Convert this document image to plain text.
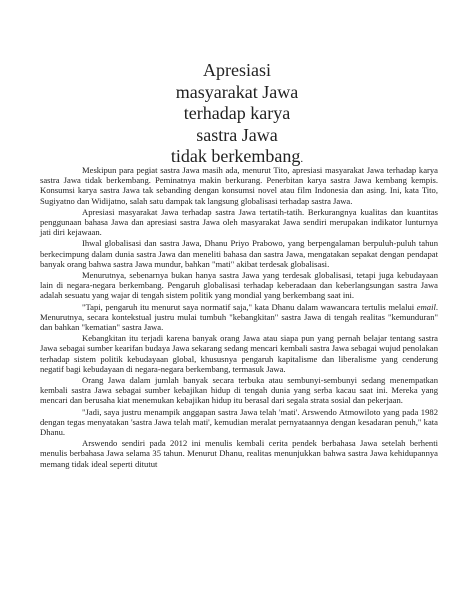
Apresiasi
masyarakat Jawa
terhadap karya
sastra Jawa
tidak berkembang.

Meskipun para pegiat sastra Jawa masih ada, menurut Tito, apresiasi masyarakat Jawa terhadap karya sastra Jawa tidak berkembang. Peminatnya makin berkurang. Penerbitan karya sastra Jawa kembang kempis. Konsumsi karya sastra Jawa tak sebanding dengan konsumsi novel atau film Indonesia dan asing. Ini, kata Tito, Sugiyatno dan Widijatno, salah satu dampak tak langsung globalisasi terhadap sastra Jawa.

Apresiasi masyarakat Jawa terhadap sastra Jawa tertatih-tatih. Berkurangnya kualitas dan kuantitas penggunaan bahasa Jawa dan apresiasi sastra Jawa oleh masyarakat Jawa sendiri merupakan indikator lunturnya jati diri kejawaan.

Ihwal globalisasi dan sastra Jawa, Dhanu Priyo Prabowo, yang berpengalaman berpuluh-puluh tahun berkecimpung dalam dunia sastra Jawa dan meneliti bahasa dan sastra Jawa, mengatakan sepakat dengan pendapat banyak orang bahwa sastra Jawa mundur, bahkan "mati" akibat terdesak globalisasi.

Menurutnya, sebenarnya bukan hanya sastra Jawa yang terdesak globalisasi, tetapi juga kebudayaan lain di negara-negara berkembang. Pengaruh globalisasi terhadap keberadaan dan keberlangsungan sastra Jawa adalah sesuatu yang wajar di tengah sistem politik yang mondial yang berkembang saat ini.

"Tapi, pengaruh itu menurut saya normatif saja," kata Dhanu dalam wawancara tertulis melalui email. Menurutnya, secara kontekstual justru mulai tumbuh "kebangkitan" sastra Jawa di tengah realitas "kemunduran" dan bahkan "kematian" sastra Jawa.

Kebangkitan itu terjadi karena banyak orang Jawa atau siapa pun yang pernah belajar tentang sastra Jawa sebagai sumber kearifan budaya Jawa sekarang sedang mencari kembali sastra Jawa sebagai wujud penolakan terhadap sistem politik kebudayaan global, khususnya pengaruh kapitalisme dan liberalisme yang cenderung negatif bagi kebudayaan di negara-negara berkembang, termasuk Jawa.

Orang Jawa dalam jumlah banyak secara terbuka atau sembunyi-sembunyi sedang menempatkan kembali sastra Jawa sebagai sumber kebajikan hidup di tengah dunia yang serba kacau saat ini. Mereka yang mencari dan berusaha kiat menemukan kebajikan hidup itu berasal dari segala strata sosial dan pekerjaan.

"Jadi, saya justru menampik anggapan sastra Jawa telah 'mati'. Arswendo Atmowiloto yang pada 1982 dengan tegas menyatakan 'sastra Jawa telah mati', kemudian meralat pernyataannya dengan kesadaran penuh," kata Dhanu.

Arswendo sendiri pada 2012 ini menulis kembali cerita pendek berbahasa Jawa setelah berhenti menulis berbahasa Jawa selama 35 tahun. Menurut Dhanu, realitas menunjukkan bahwa sastra Jawa kehidupannya memang tidak ideal seperti ditutut
